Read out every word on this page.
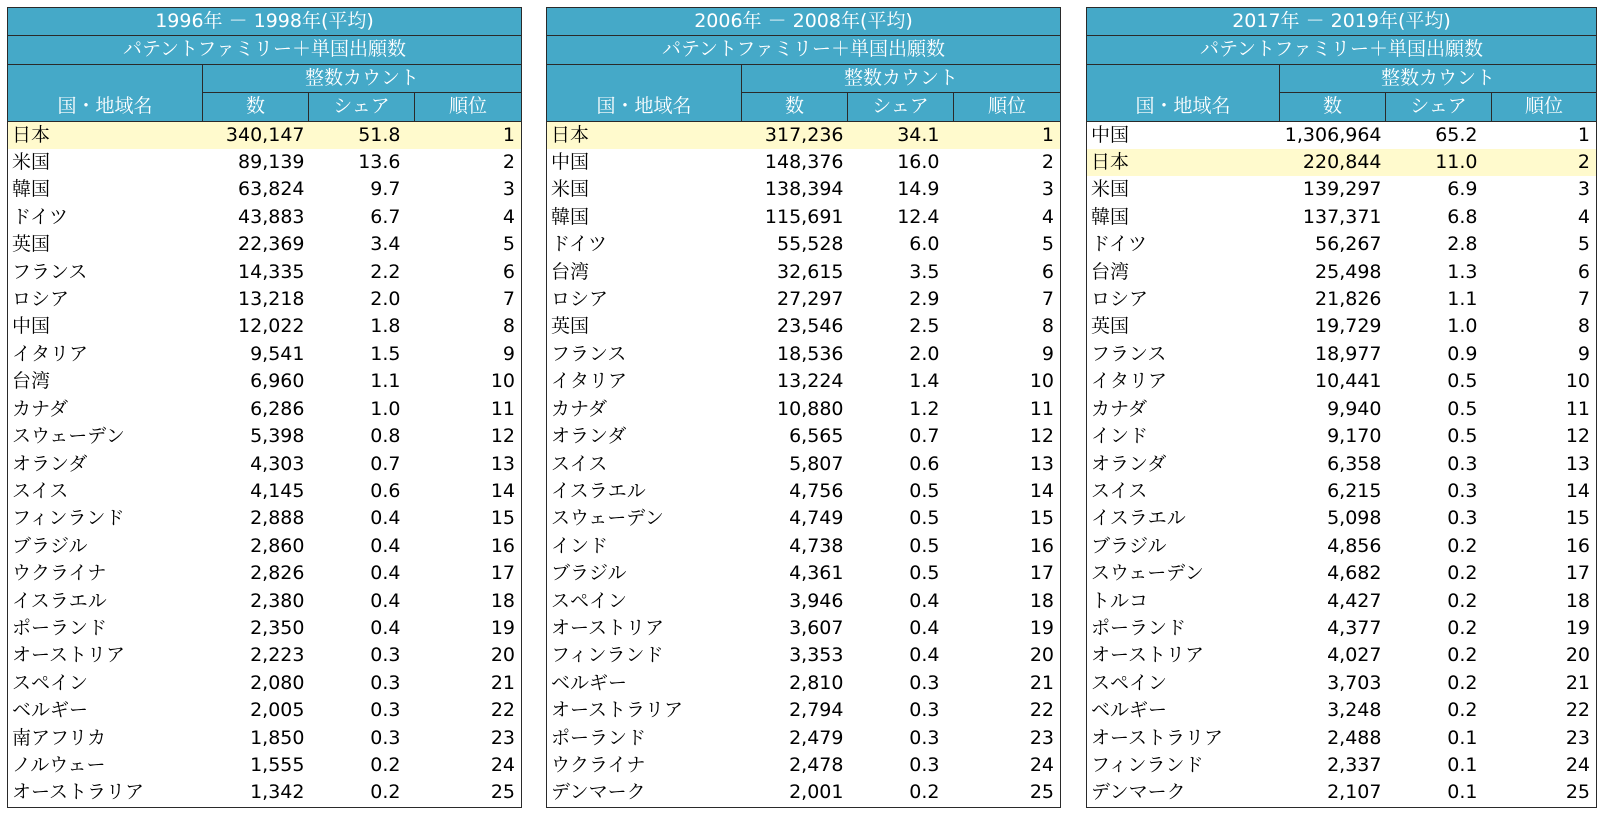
1996年 － 1998年(平均)			
パテントファミリー＋単国出願数			
	整数カウント		
国・地域名	数	シェア	順位
日本	340,147	51.8	1
米国	89,139	13.6	2
韓国	63,824	9.7	3
ドイツ	43,883	6.7	4
英国	22,369	3.4	5
フランス	14,335	2.2	6
ロシア	13,218	2.0	7
中国	12,022	1.8	8
イタリア	9,541	1.5	9
台湾	6,960	1.1	10
カナダ	6,286	1.0	11
スウェーデン	5,398	0.8	12
オランダ	4,303	0.7	13
スイス	4,145	0.6	14
フィンランド	2,888	0.4	15
ブラジル	2,860	0.4	16
ウクライナ	2,826	0.4	17
イスラエル	2,380	0.4	18
ポーランド	2,350	0.4	19
オーストリア	2,223	0.3	20
スペイン	2,080	0.3	21
ベルギー	2,005	0.3	22
南アフリカ	1,850	0.3	23
ノルウェー	1,555	0.2	24
オーストラリア	1,342	0.2	25
2006年 － 2008年(平均)			
パテントファミリー＋単国出願数			
	整数カウント		
国・地域名	数	シェア	順位
日本	317,236	34.1	1
中国	148,376	16.0	2
米国	138,394	14.9	3
韓国	115,691	12.4	4
ドイツ	55,528	6.0	5
台湾	32,615	3.5	6
ロシア	27,297	2.9	7
英国	23,546	2.5	8
フランス	18,536	2.0	9
イタリア	13,224	1.4	10
カナダ	10,880	1.2	11
オランダ	6,565	0.7	12
スイス	5,807	0.6	13
イスラエル	4,756	0.5	14
スウェーデン	4,749	0.5	15
インド	4,738	0.5	16
ブラジル	4,361	0.5	17
スペイン	3,946	0.4	18
オーストリア	3,607	0.4	19
フィンランド	3,353	0.4	20
ベルギー	2,810	0.3	21
オーストラリア	2,794	0.3	22
ポーランド	2,479	0.3	23
ウクライナ	2,478	0.3	24
デンマーク	2,001	0.2	25
2017年 － 2019年(平均)			
パテントファミリー＋単国出願数			
	整数カウント		
国・地域名	数	シェア	順位
中国	1,306,964	65.2	1
日本	220,844	11.0	2
米国	139,297	6.9	3
韓国	137,371	6.8	4
ドイツ	56,267	2.8	5
台湾	25,498	1.3	6
ロシア	21,826	1.1	7
英国	19,729	1.0	8
フランス	18,977	0.9	9
イタリア	10,441	0.5	10
カナダ	9,940	0.5	11
インド	9,170	0.5	12
オランダ	6,358	0.3	13
スイス	6,215	0.3	14
イスラエル	5,098	0.3	15
ブラジル	4,856	0.2	16
スウェーデン	4,682	0.2	17
トルコ	4,427	0.2	18
ポーランド	4,377	0.2	19
オーストリア	4,027	0.2	20
スペイン	3,703	0.2	21
ベルギー	3,248	0.2	22
オーストラリア	2,488	0.1	23
フィンランド	2,337	0.1	24
デンマーク	2,107	0.1	25
